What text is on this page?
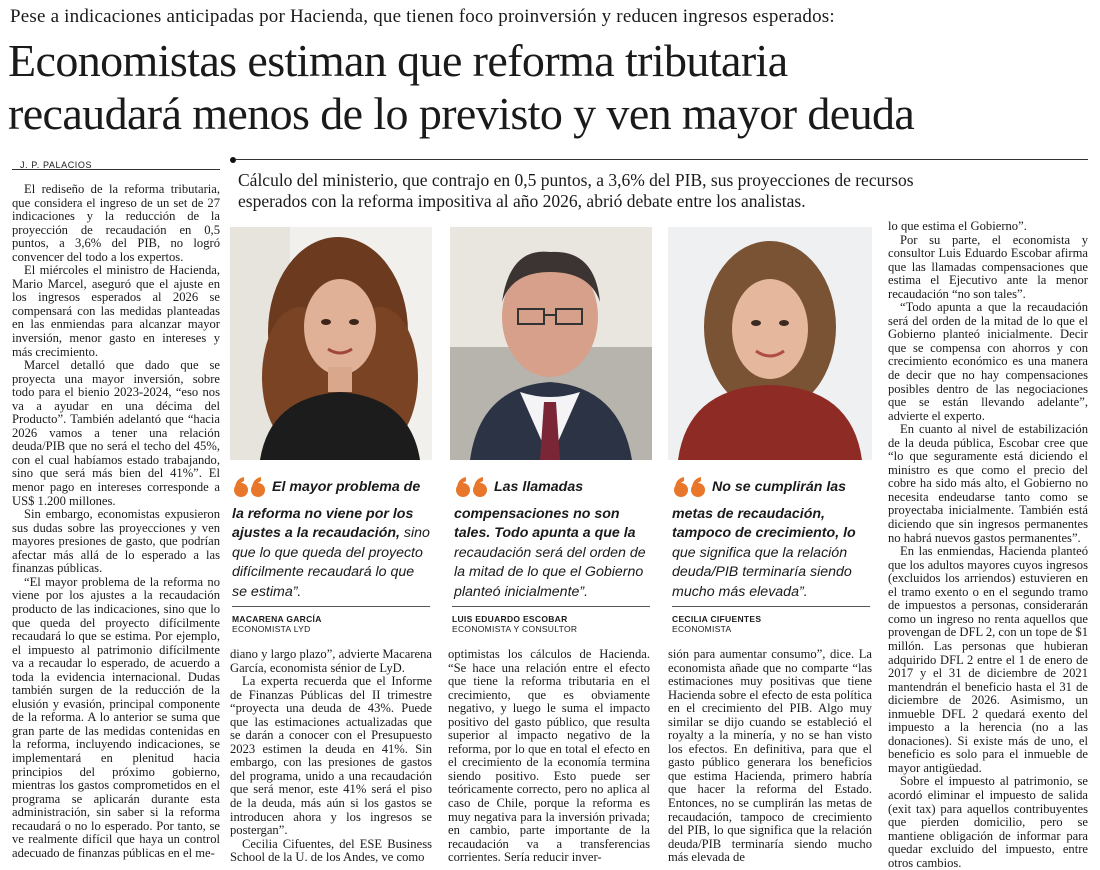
Pese a indicaciones anticipadas por Hacienda, que tienen foco proinversión y reducen ingresos esperados:
Economistas estiman que reforma tributaria
recaudará menos de lo previsto y ven mayor deuda
J. P. PALACIOS
Cálculo del ministerio, que contrajo en 0,5 puntos, a 3,6% del PIB, sus proyecciones de recursos
esperados con la reforma impositiva al año 2026, abrió debate entre los analistas.

El rediseño de la reforma tributaria, que considera el ingreso de un set de 27 indicaciones y la reducción de la proyección de recaudación en 0,5 puntos, a 3,6% del PIB, no logró convencer del todo a los expertos.

El miércoles el ministro de Hacienda, Mario Marcel, aseguró que el ajuste en los ingresos esperados al 2026 se compensará con las medidas planteadas en las enmiendas para alcanzar mayor inversión, menor gasto en intereses y más crecimiento.

Marcel detalló que dado que se proyecta una mayor inversión, sobre todo para el bienio 2023-2024, “eso nos va a ayudar en una décima del Producto”. También adelantó que “hacia 2026 vamos a tener una relación deuda/PIB que no será el techo del 45%, con el cual habíamos estado trabajando, sino que será más bien del 41%”. El menor pago en intereses corresponde a US$ 1.200 millones.

Sin embargo, economistas expusieron sus dudas sobre las proyecciones y ven mayores presiones de gasto, que podrían afectar más allá de lo esperado a las finanzas públicas.

“El mayor problema de la reforma no viene por los ajustes a la recaudación producto de las indicaciones, sino que lo que queda del proyecto difícilmente recaudará lo que se estima. Por ejemplo, el impuesto al patrimonio difícilmente va a recaudar lo esperado, de acuerdo a toda la evidencia internacional. Dudas también surgen de la reducción de la elusión y evasión, principal componente de la reforma. A lo anterior se suma que gran parte de las medidas contenidas en la reforma, incluyendo indicaciones, se implementará en plenitud hacia principios del próximo gobierno, mientras los gastos comprometidos en el programa se aplicarán durante esta administración, sin saber si la reforma recaudará o no lo esperado. Por tanto, se ve realmente difícil que haya un control adecuado de finanzas públicas en el me-

El mayor problema de la reforma no viene por los ajustes a la recaudación, sino que lo que queda del proyecto difícilmente recaudará lo que se estima”.
Las llamadas compensaciones no son tales. Todo apunta a que la recaudación será del orden de la mitad de lo que el Gobierno planteó inicialmente”.
No se cumplirán las metas de recaudación, tampoco de crecimiento, lo que significa que la relación deuda/PIB terminaría siendo mucho más elevada”.
MACARENA GARCÍA
ECONOMISTA LYD
LUIS EDUARDO ESCOBAR
ECONOMISTA Y CONSULTOR
CECILIA CIFUENTES
ECONOMISTA

diano y largo plazo”, advierte Macarena García, economista sénior de LyD.

La experta recuerda que el Informe de Finanzas Públicas del II trimestre “proyecta una deuda de 43%. Puede que las estimaciones actualizadas que se darán a conocer con el Presupuesto 2023 estimen la deuda en 41%. Sin embargo, con las presiones de gastos del programa, unido a una recaudación que será menor, este 41% será el piso de la deuda, más aún si los gastos se introducen ahora y los ingresos se postergan”.

Cecilia Cifuentes, del ESE Business School de la U. de los Andes, ve como

optimistas los cálculos de Hacienda. “Se hace una relación entre el efecto que tiene la reforma tributaria en el crecimiento, que es obviamente negativo, y luego le suma el impacto positivo del gasto público, que resulta superior al impacto negativo de la reforma, por lo que en total el efecto en el crecimiento de la economía termina siendo positivo. Esto puede ser teóricamente correcto, pero no aplica al caso de Chile, porque la reforma es muy negativa para la inversión privada; en cambio, parte importante de la recaudación va a transferencias corrientes. Sería reducir inver-

sión para aumentar consumo”, dice. La economista añade que no comparte “las estimaciones muy positivas que tiene Hacienda sobre el efecto de esta política en el crecimiento del PIB. Algo muy similar se dijo cuando se estableció el royalty a la minería, y no se han visto los efectos. En definitiva, para que el gasto público generara los beneficios que estima Hacienda, primero habría que hacer la reforma del Estado. Entonces, no se cumplirán las metas de recaudación, tampoco de crecimiento del PIB, lo que significa que la relación deuda/PIB terminaría siendo mucho más elevada de

lo que estima el Gobierno”.

Por su parte, el economista y consultor Luis Eduardo Escobar afirma que las llamadas compensaciones que estima el Ejecutivo ante la menor recaudación “no son tales”.

“Todo apunta a que la recaudación será del orden de la mitad de lo que el Gobierno planteó inicialmente. Decir que se compensa con ahorros y con crecimiento económico es una manera de decir que no hay compensaciones posibles dentro de las negociaciones que se están llevando adelante”, advierte el experto.

En cuanto al nivel de estabilización de la deuda pública, Escobar cree que “lo que seguramente está diciendo el ministro es que como el precio del cobre ha sido más alto, el Gobierno no necesita endeudarse tanto como se proyectaba inicialmente. También está diciendo que sin ingresos permanentes no habrá nuevos gastos permanentes”.

En las enmiendas, Hacienda planteó que los adultos mayores cuyos ingresos (excluidos los arriendos) estuvieren en el tramo exento o en el segundo tramo de impuestos a personas, considerarán como un ingreso no renta aquellos que provengan de DFL 2, con un tope de $1 millón. Las personas que hubieran adquirido DFL 2 entre el 1 de enero de 2017 y el 31 de diciembre de 2021 mantendrán el beneficio hasta el 31 de diciembre de 2026. Asimismo, un inmueble DFL 2 quedará exento del impuesto a la herencia (no a las donaciones). Si existe más de uno, el beneficio es solo para el inmueble de mayor antigüedad.

Sobre el impuesto al patrimonio, se acordó eliminar el impuesto de salida (exit tax) para aquellos contribuyentes que pierden domicilio, pero se mantiene obligación de informar para quedar excluido del impuesto, entre otros cambios.
